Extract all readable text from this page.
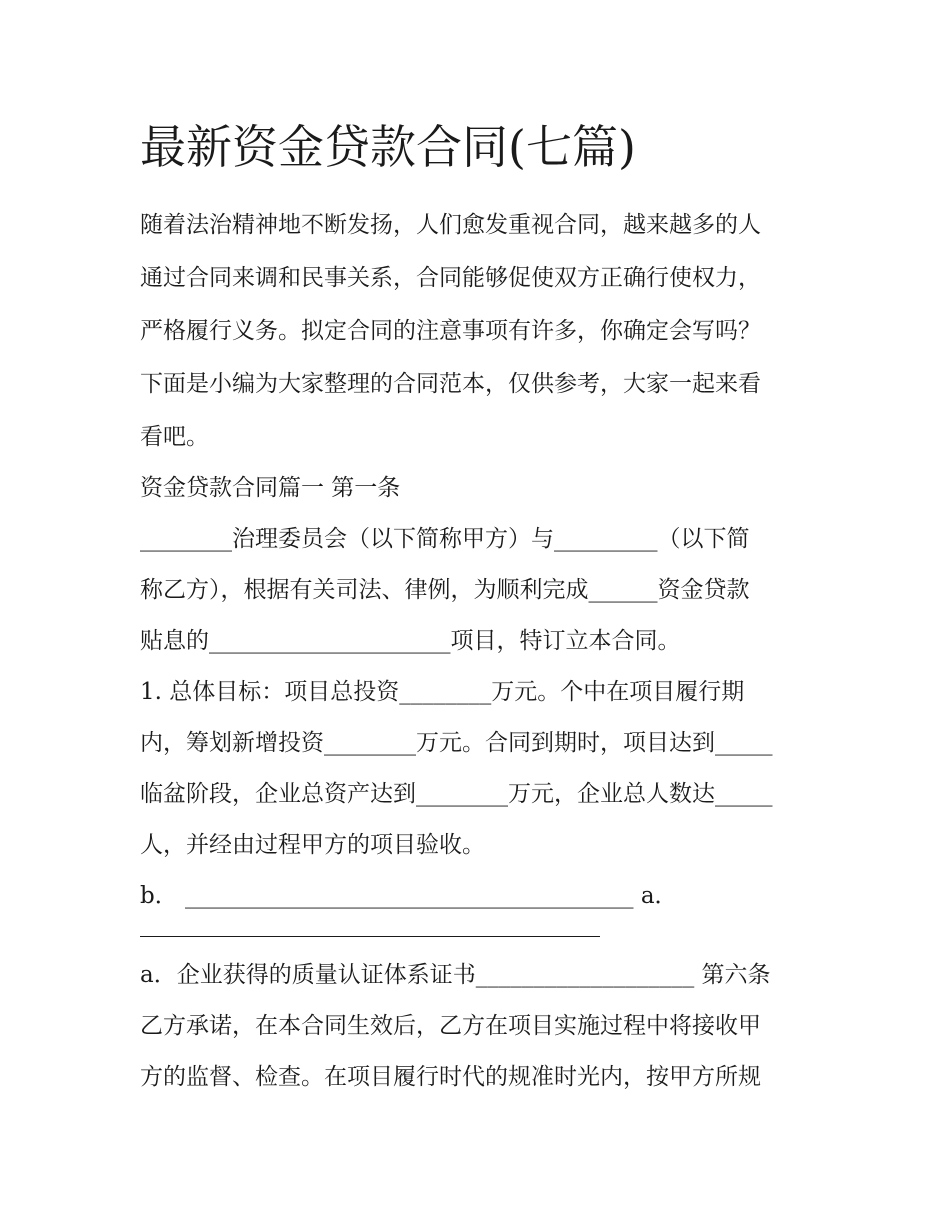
最新资金贷款合同(七篇)
随着法治精神地不断发扬，人们愈发重视合同，越来越多的人
通过合同来调和民事关系，合同能够促使双方正确行使权力，
严格履行义务。拟定合同的注意事项有许多，你确定会写吗？
下面是小编为大家整理的合同范本，仅供参考，大家一起来看
看吧。
资金贷款合同篇一 第一条
________治理委员会（以下简称甲方）与_________（以下简
称乙方），根据有关司法、律例，为顺利完成______资金贷款
贴息的_____________________项目，特订立本合同。
1. 总体目标：项目总投资________万元。个中在项目履行期
内，筹划新增投资________万元。合同到期时，项目达到_____
临盆阶段，企业总资产达到________万元，企业总人数达_____
人，并经由过程甲方的项目验收。
b． _______________________________________ a．
a．企业获得的质量认证体系证书___________________ 第六条
乙方承诺，在本合同生效后，乙方在项目实施过程中将接收甲
方的监督、检查。在项目履行时代的规准时光内，按甲方所规
